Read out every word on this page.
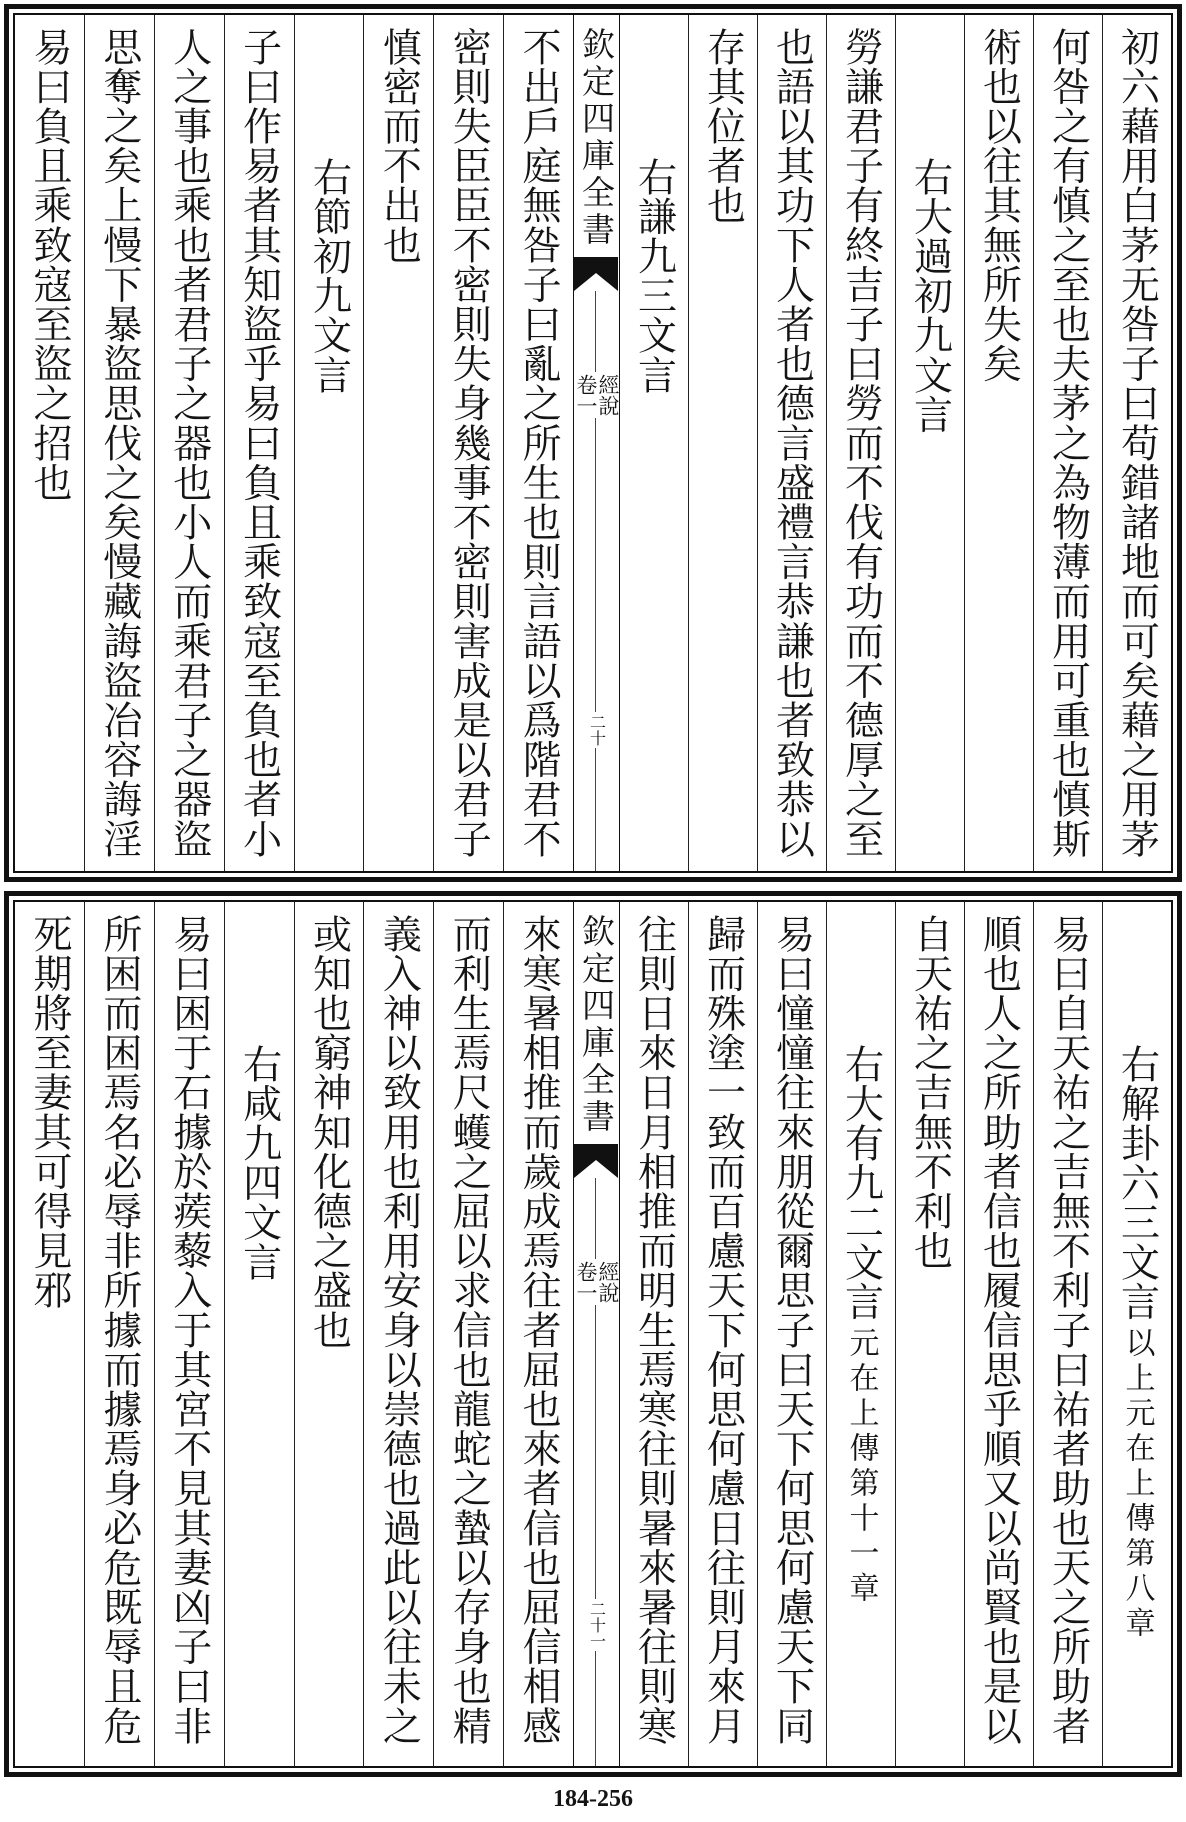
初六藉用白茅无咎子曰苟錯諸地而可矣藉之用茅
何咎之有慎之至也夫茅之為物薄而用可重也慎斯
術也以往其無所失矣
右大過初九文言
勞謙君子有終吉子曰勞而不伐有功而不德厚之至
也語以其功下人者也德言盛禮言恭謙也者致恭以
存其位者也
右謙九三文言
欽定四庫全書
經說
卷一
二十
不出戶庭無咎子曰亂之所生也則言語以爲階君不
密則失臣臣不密則失身幾事不密則害成是以君子
慎密而不出也
右節初九文言
子曰作易者其知盜乎易曰負且乘致寇至負也者小
人之事也乘也者君子之器也小人而乘君子之器盜
思奪之矣上慢下暴盜思伐之矣慢藏誨盜冶容誨淫
易曰負且乘致寇至盜之招也
右解卦六三文言以上元在上傳第八章
易曰自天祐之吉無不利子曰祐者助也天之所助者
順也人之所助者信也履信思乎順又以尚賢也是以
自天祐之吉無不利也
右大有九二文言元在上傳第十一章
易曰憧憧往來朋從爾思子曰天下何思何慮天下同
歸而殊塗一致而百慮天下何思何慮日往則月來月
往則日來日月相推而明生焉寒往則暑來暑往則寒
欽定四庫全書
經說
卷一
二十一
來寒暑相推而歲成焉往者屈也來者信也屈信相感
而利生焉尺蠖之屈以求信也龍蛇之蟄以存身也精
義入神以致用也利用安身以崇德也過此以往未之
或知也窮神知化德之盛也
右咸九四文言
易曰困于石據於蒺藜入于其宮不見其妻凶子曰非
所困而困焉名必辱非所據而據焉身必危既辱且危
死期將至妻其可得見邪
184-256
